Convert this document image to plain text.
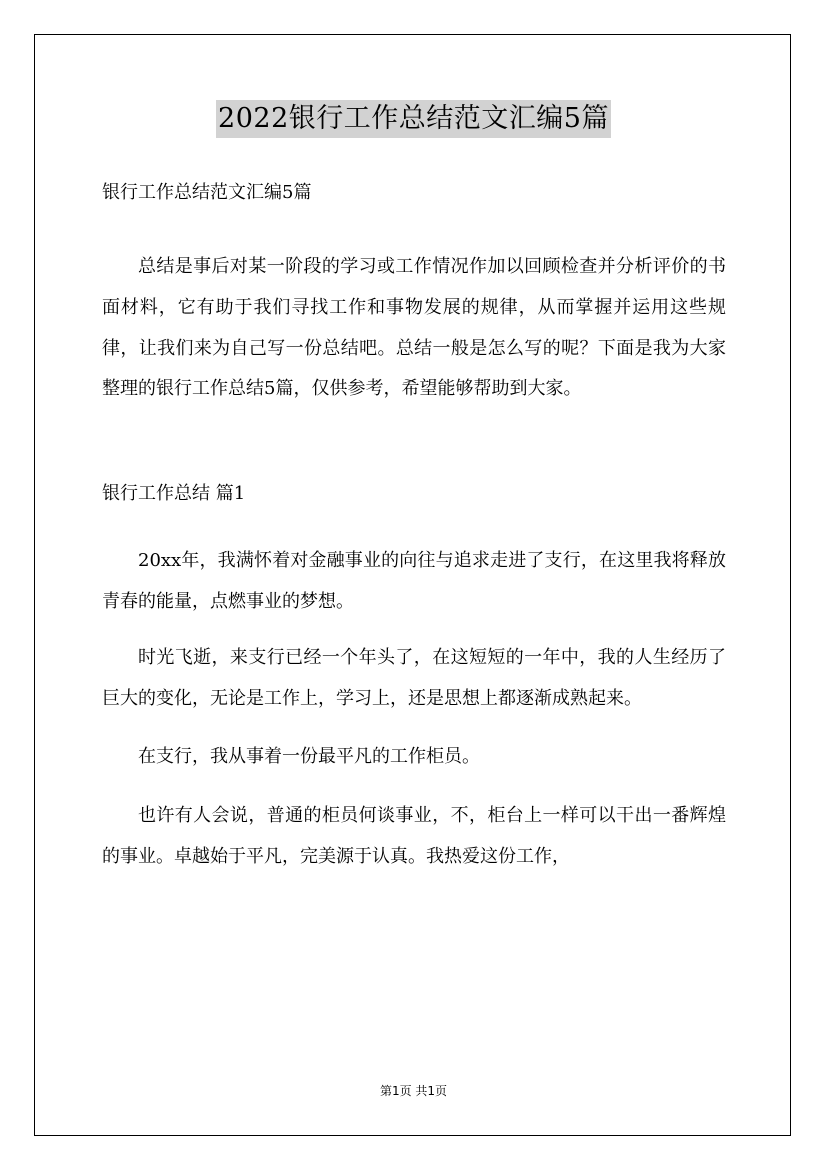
2022银行工作总结范文汇编5篇

银行工作总结范文汇编5篇

总结是事后对某一阶段的学习或工作情况作加以回顾检查并分析评价的书面材料，它有助于我们寻找工作和事物发展的规律，从而掌握并运用这些规律，让我们来为自己写一份总结吧。总结一般是怎么写的呢？下面是我为大家整理的银行工作总结5篇，仅供参考，希望能够帮助到大家。

银行工作总结 篇1

20xx年，我满怀着对金融事业的向往与追求走进了支行，在这里我将释放青春的能量，点燃事业的梦想。

时光飞逝，来支行已经一个年头了，在这短短的一年中，我的人生经历了巨大的变化，无论是工作上，学习上，还是思想上都逐渐成熟起来。

在支行，我从事着一份最平凡的工作柜员。

也许有人会说，普通的柜员何谈事业，不，柜台上一样可以干出一番辉煌的事业。卓越始于平凡，完美源于认真。我热爱这份工作，

第1页 共1页
